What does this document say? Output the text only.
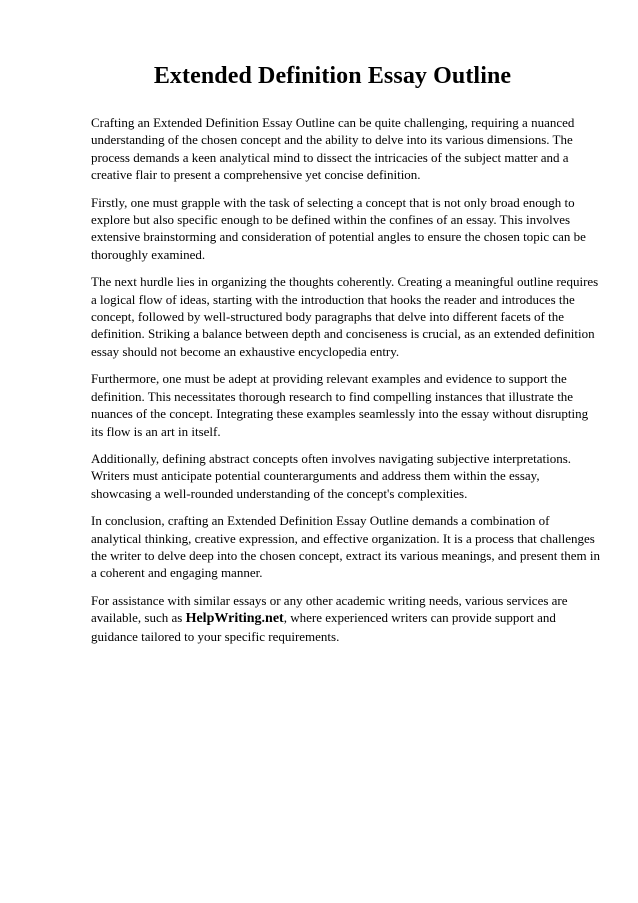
Extended Definition Essay Outline

Crafting an Extended Definition Essay Outline can be quite challenging, requiring a nuanced understanding of the chosen concept and the ability to delve into its various dimensions. The process demands a keen analytical mind to dissect the intricacies of the subject matter and a creative flair to present a comprehensive yet concise definition.

Firstly, one must grapple with the task of selecting a concept that is not only broad enough to explore but also specific enough to be defined within the confines of an essay. This involves extensive brainstorming and consideration of potential angles to ensure the chosen topic can be thoroughly examined.

The next hurdle lies in organizing the thoughts coherently. Creating a meaningful outline requires a logical flow of ideas, starting with the introduction that hooks the reader and introduces the concept, followed by well-structured body paragraphs that delve into different facets of the definition. Striking a balance between depth and conciseness is crucial, as an extended definition essay should not become an exhaustive encyclopedia entry.

Furthermore, one must be adept at providing relevant examples and evidence to support the definition. This necessitates thorough research to find compelling instances that illustrate the nuances of the concept. Integrating these examples seamlessly into the essay without disrupting its flow is an art in itself.

Additionally, defining abstract concepts often involves navigating subjective interpretations. Writers must anticipate potential counterarguments and address them within the essay, showcasing a well-rounded understanding of the concept's complexities.

In conclusion, crafting an Extended Definition Essay Outline demands a combination of analytical thinking, creative expression, and effective organization. It is a process that challenges the writer to delve deep into the chosen concept, extract its various meanings, and present them in a coherent and engaging manner.

For assistance with similar essays or any other academic writing needs, various services are available, such as HelpWriting.net, where experienced writers can provide support and guidance tailored to your specific requirements.
